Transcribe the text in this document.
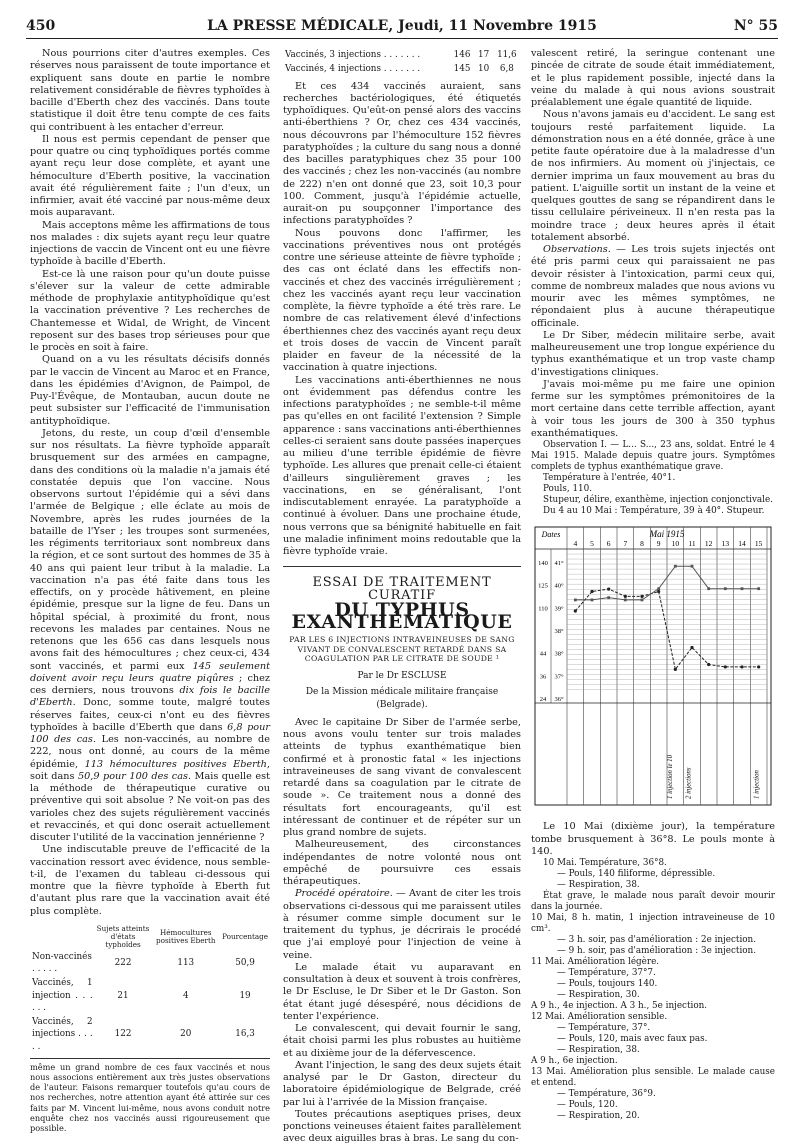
450	LA PRESSE MÉDICALE, Jeudi, 11 Novembre 1915	N° 55

Nous pourrions citer d'autres exemples. Ces réserves nous paraissent de toute importance et expliquent sans doute en partie le nombre relativement considérable de fièvres typhoïdes à bacille d'Eberth chez des vaccinés. Dans toute statistique il doit être tenu compte de ces faits qui contribuent à les entacher d'erreur.

Il nous est permis cependant de penser que pour quatre ou cinq typhoïdiques portés comme ayant reçu leur dose complète, et ayant une hémoculture d'Eberth positive, la vaccination avait été régulièrement faite ; l'un d'eux, un infirmier, avait été vacciné par nous-même deux mois auparavant.

Mais acceptons même les affirmations de tous nos malades : dix sujets ayant reçu leur quatre injections de vaccin de Vincent ont eu une fièvre typhoïde à bacille d'Eberth.

Est-ce là une raison pour qu'un doute puisse s'élever sur la valeur de cette admirable méthode de prophylaxie antityphoïdique qu'est la vaccination préventive ? Les recherches de Chantemesse et Widal, de Wright, de Vincent reposent sur des bases trop sérieuses pour que le procès en soit à faire.

Quand on a vu les résultats décisifs donnés par le vaccin de Vincent au Maroc et en France, dans les épidémies d'Avignon, de Paimpol, de Puy-l'Évêque, de Montauban, aucun doute ne peut subsister sur l'efficacité de l'immunisation antityphoïdique.

Jetons, du reste, un coup d'œil d'ensemble sur nos résultats. La fièvre typhoïde apparaît brusquement sur des armées en campagne, dans des conditions où la maladie n'a jamais été constatée depuis que l'on vaccine. Nous observons surtout l'épidémie qui a sévi dans l'armée de Belgique ; elle éclate au mois de Novembre, après les rudes journées de la bataille de l'Yser ; les troupes sont surmenées, les régiments territoriaux sont nombreux dans la région, et ce sont surtout des hommes de 35 à 40 ans qui paient leur tribut à la maladie. La vaccination n'a pas été faite dans tous les effectifs, on y procède hâtivement, en pleine épidémie, presque sur la ligne de feu. Dans un hôpital spécial, à proximité du front, nous recevons les malades par centaines. Nous ne retenons que les 656 cas dans lesquels nous avons fait des hémocultures ; chez ceux-ci, 434 sont vaccinés, et parmi eux 145 seulement doivent avoir reçu leurs quatre piqûres ; chez ces derniers, nous trouvons dix fois le bacille d'Eberth. Donc, somme toute, malgré toutes réserves faites, ceux-ci n'ont eu des fièvres typhoïdes à bacille d'Eberth que dans 6,8 pour 100 des cas. Les non-vaccinés, au nombre de 222, nous ont donné, au cours de la même épidémie, 113 hémocultures positives Eberth, soit dans 50,9 pour 100 des cas. Mais quelle est la méthode de thérapeutique curative ou préventive qui soit absolue ? Ne voit-on pas des varioles chez des sujets régulièrement vaccinés et revaccinés, et qui donc oserait actuellement discuter l'utilité de la vaccination jennérienne ?

Une indiscutable preuve de l'efficacité de la vaccination ressort avec évidence, nous semble-t-il, de l'examen du tableau ci-dessous qui montre que la fièvre typhoïde à Eberth fut d'autant plus rare que la vaccination avait été plus complète.

	Sujets atteints d'états typhoïdes	Hémocultures positives Eberth	Pourcentage
Non-vaccinés . . . . .	222	113	50,9
Vaccinés, 1 injection . . . . . .	21	4	19
Vaccinés, 2 injections . . . . .	122	20	16,3

même un grand nombre de ces faux vaccinés et nous nous associons entièrement aux très justes observations de l'auteur. Faisons remarquer toutefois qu'au cours de nos recherches, notre attention ayant été attirée sur ces faits par M. Vincent lui-même, nous avons conduit notre enquête chez nos vaccinés aussi rigoureusement que possible.

Vaccinés, 3 injections . . . . . . .	146	17	11,6
Vaccinés, 4 injections . . . . . . .	145	10	6,8

Et ces 434 vaccinés auraient, sans recherches bactériologiques, été étiquetés typhoïdiques. Qu'eût-on pensé alors des vaccins anti-éberthiens ? Or, chez ces 434 vaccinés, nous découvrons par l'hémoculture 152 fièvres paratyphoïdes ; la culture du sang nous a donné des bacilles paratyphiques chez 35 pour 100 des vaccinés ; chez les non-vaccinés (au nombre de 222) n'en ont donné que 23, soit 10,3 pour 100. Comment, jusqu'à l'épidémie actuelle, aurait-on pu soupçonner l'importance des infections paratyphoïdes ?

Nous pouvons donc l'affirmer, les vaccinations préventives nous ont protégés contre une sérieuse atteinte de fièvre typhoïde ; des cas ont éclaté dans les effectifs non-vaccinés et chez des vaccinés irrégulièrement ; chez les vaccinés ayant reçu leur vaccination complète, la fièvre typhoïde a été très rare. Le nombre de cas relativement élevé d'infections éberthiennes chez des vaccinés ayant reçu deux et trois doses de vaccin de Vincent paraît plaider en faveur de la nécessité de la vaccination à quatre injections.

Les vaccinations anti-éberthiennes ne nous ont évidemment pas défendus contre les infections paratyphoïdes ; ne semble-t-il même pas qu'elles en ont facilité l'extension ? Simple apparence : sans vaccinations anti-éberthiennes celles-ci seraient sans doute passées inaperçues au milieu d'une terrible épidémie de fièvre typhoïde. Les allures que prenait celle-ci étaient d'ailleurs singulièrement graves ; les vaccinations, en se généralisant, l'ont indiscutablement enrayée. La paratyphoïde a continué à évoluer. Dans une prochaine étude, nous verrons que sa bénignité habituelle en fait une maladie infiniment moins redoutable que la fièvre typhoïde vraie.

ESSAI DE TRAITEMENT CURATIF
DU TYPHUS EXANTHÉMATIQUE
PAR LES 6 INJECTIONS INTRAVEINEUSES DE SANG VIVANT DE CONVALESCENT RETARDÉ DANS SA COAGULATION PAR LE CITRATE DE SOUDE ¹
Par le Dr ESCLUSE
De la Mission médicale militaire française (Belgrade).

Avec le capitaine Dr Siber de l'armée serbe, nous avons voulu tenter sur trois malades atteints de typhus exanthématique bien confirmé et à pronostic fatal « les injections intraveineuses de sang vivant de convalescent retardé dans sa coagulation par le citrate de soude ». Ce traitement nous a donné des résultats fort encourageants, qu'il est intéressant de continuer et de répéter sur un plus grand nombre de sujets.

Malheureusement, des circonstances indépendantes de notre volonté nous ont empêché de poursuivre ces essais thérapeutiques.

Procédé opératoire. — Avant de citer les trois observations ci-dessous qui me paraissent utiles à résumer comme simple document sur le traitement du typhus, je décrirais le procédé que j'ai employé pour l'injection de veine à veine.

Le malade était vu auparavant en consultation à deux et souvent à trois confrères, le Dr Escluse, le Dr Siber et le Dr Gaston. Son état étant jugé désespéré, nous décidions de tenter l'expérience.

Le convalescent, qui devait fournir le sang, était choisi parmi les plus robustes au huitième et au dixième jour de la défervescence.

Avant l'injection, le sang des deux sujets était analysé par le Dr Gaston, directeur du laboratoire épidémiologique de Belgrade, créé par lui à l'arrivée de la Mission française.

Toutes précautions aseptiques prises, deux ponctions veineuses étaient faites parallèlement avec deux aiguilles bras à bras. Le sang du con-

valescent retiré, la seringue contenant une pincée de citrate de soude était immédiatement, et le plus rapidement possible, injecté dans la veine du malade à qui nous avions soustrait préalablement une égale quantité de liquide.

Nous n'avons jamais eu d'accident. Le sang est toujours resté parfaitement liquide. La démonstration nous en a été donnée, grâce à une petite faute opératoire due à la maladresse d'un de nos infirmiers. Au moment où j'injectais, ce dernier imprima un faux mouvement au bras du patient. L'aiguille sortit un instant de la veine et quelques gouttes de sang se répandirent dans le tissu cellulaire périveineux. Il n'en resta pas la moindre trace ; deux heures après il était totalement absorbé.

Observations. — Les trois sujets injectés ont été pris parmi ceux qui paraissaient ne pas devoir résister à l'intoxication, parmi ceux qui, comme de nombreux malades que nous avions vu mourir avec les mêmes symptômes, ne répondaient plus à aucune thérapeutique officinale.

Le Dr Siber, médecin militaire serbe, avait malheureusement une trop longue expérience du typhus exanthématique et un trop vaste champ d'investigations cliniques.

J'avais moi-même pu me faire une opinion ferme sur les symptômes prémonitoires de la mort certaine dans cette terrible affection, ayant à voir tous les jours de 300 à 350 typhus exanthématiques.

Observation I. — L... S..., 23 ans, soldat. Entré le 4 Mai 1915. Malade depuis quatre jours. Symptômes complets de typhus exanthématique grave.

Température à l'entrée, 40°1.

Pouls, 110.

Stupeur, délire, exanthème, injection conjonctivale.

Du 4 au 10 Mai : Température, 39 à 40°. Stupeur.

Mai 1915
Dates
4 5 6 7 8 9 10 11 12 13 14 15
140 41°
125 40°
110 39°
38°
44 38°
36 37°
24 36°
1 injection le 10 2 injections	1 injection

Le 10 Mai (dixième jour), la température tombe brusquement à 36°8. Le pouls monte à 140.

10 Mai. Température, 36°8.

— Pouls, 140 filiforme, dépressible.

— Respiration, 38.

État grave, le malade nous paraît devoir mourir dans la journée.

10 Mai, 8 h. matin, 1 injection intraveineuse de 10 cm³.

— 3 h. soir, pas d'amélioration : 2e injection.

— 9 h. soir, pas d'amélioration : 3e injection.

11 Mai. Amélioration légère.

— Température, 37°7.

— Pouls, toujours 140.

— Respiration, 30.

A 9 h., 4e injection. A 3 h., 5e injection.

12 Mai. Amélioration sensible.

— Température, 37°.

— Pouls, 120, mais avec faux pas.

— Respiration, 38.

A 9 h., 6e injection.

13 Mai. Amélioration plus sensible. Le malade cause et entend.

— Température, 36°9.

— Pouls, 120.

— Respiration, 20.
